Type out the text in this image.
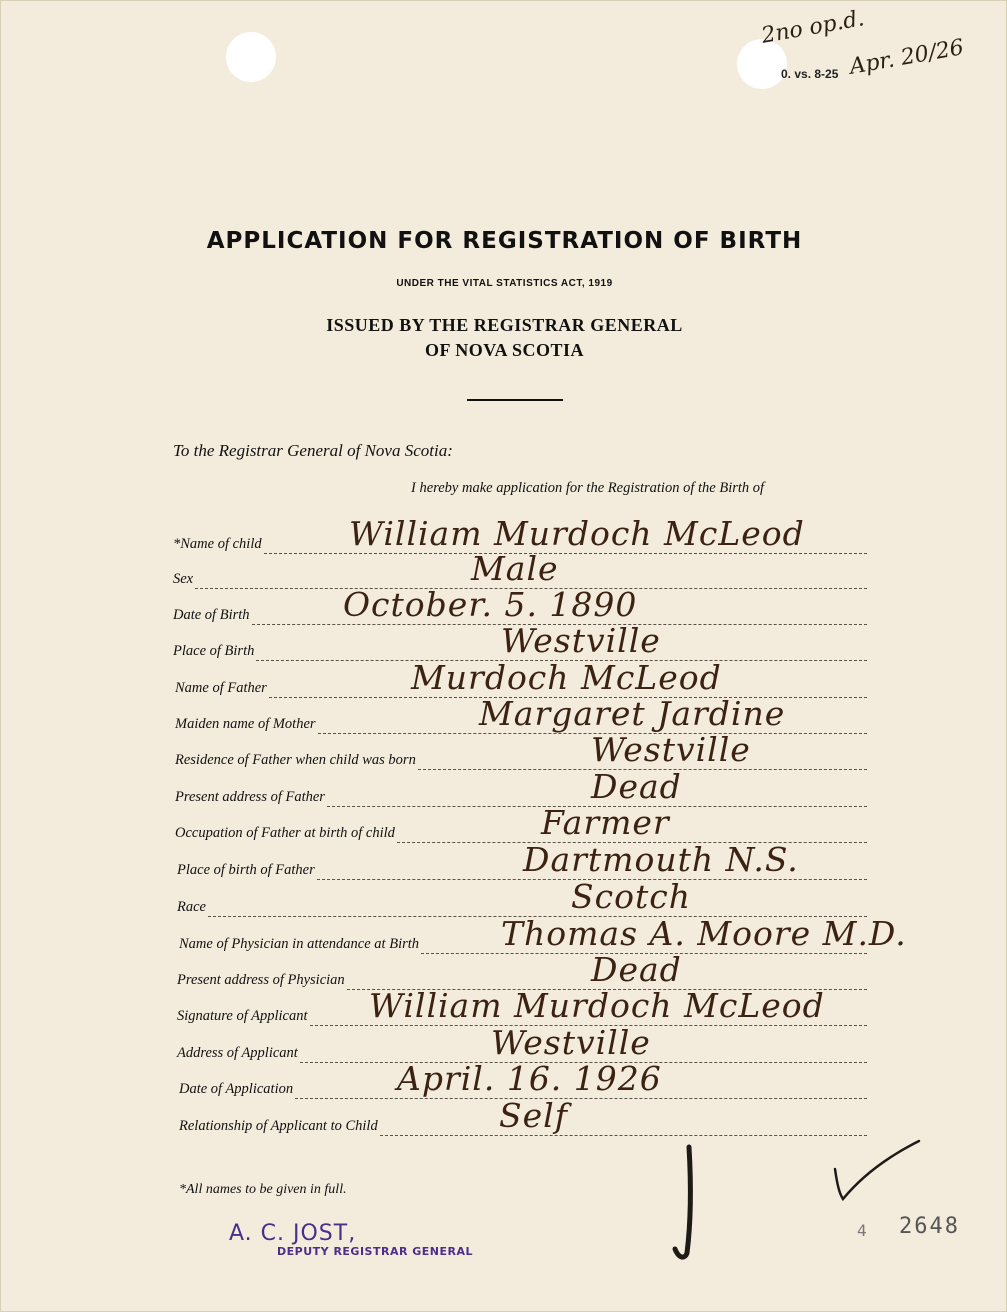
0. vs. 8-25
2no op.d.
Apr. 20/26
APPLICATION FOR REGISTRATION OF BIRTH
UNDER THE VITAL STATISTICS ACT, 1919
ISSUED BY THE REGISTRAR GENERAL
OF NOVA SCOTIA
To the Registrar General of Nova Scotia:
I hereby make application for the Registration of the Birth of
*Name of child	William Murdoch McLeod
Sex	Male
Date of Birth	October. 5. 1890
Place of Birth	Westville
Name of Father	Murdoch McLeod
Maiden name of Mother	Margaret Jardine
Residence of Father when child was born	Westville
Present address of Father	Dead
Occupation of Father at birth of child	Farmer
Place of birth of Father	Dartmouth N.S.
Race	Scotch
Name of Physician in attendance at Birth Thomas A. Moore M.D.
Present address of Physician	Dead
Signature of Applicant William Murdoch McLeod
Address of Applicant	Westville
Date of Application	April. 16. 1926
Relationship of Applicant to Child	Self
*All names to be given in full.
A. C. JOST,
DEPUTY REGISTRAR GENERAL
4 2648
